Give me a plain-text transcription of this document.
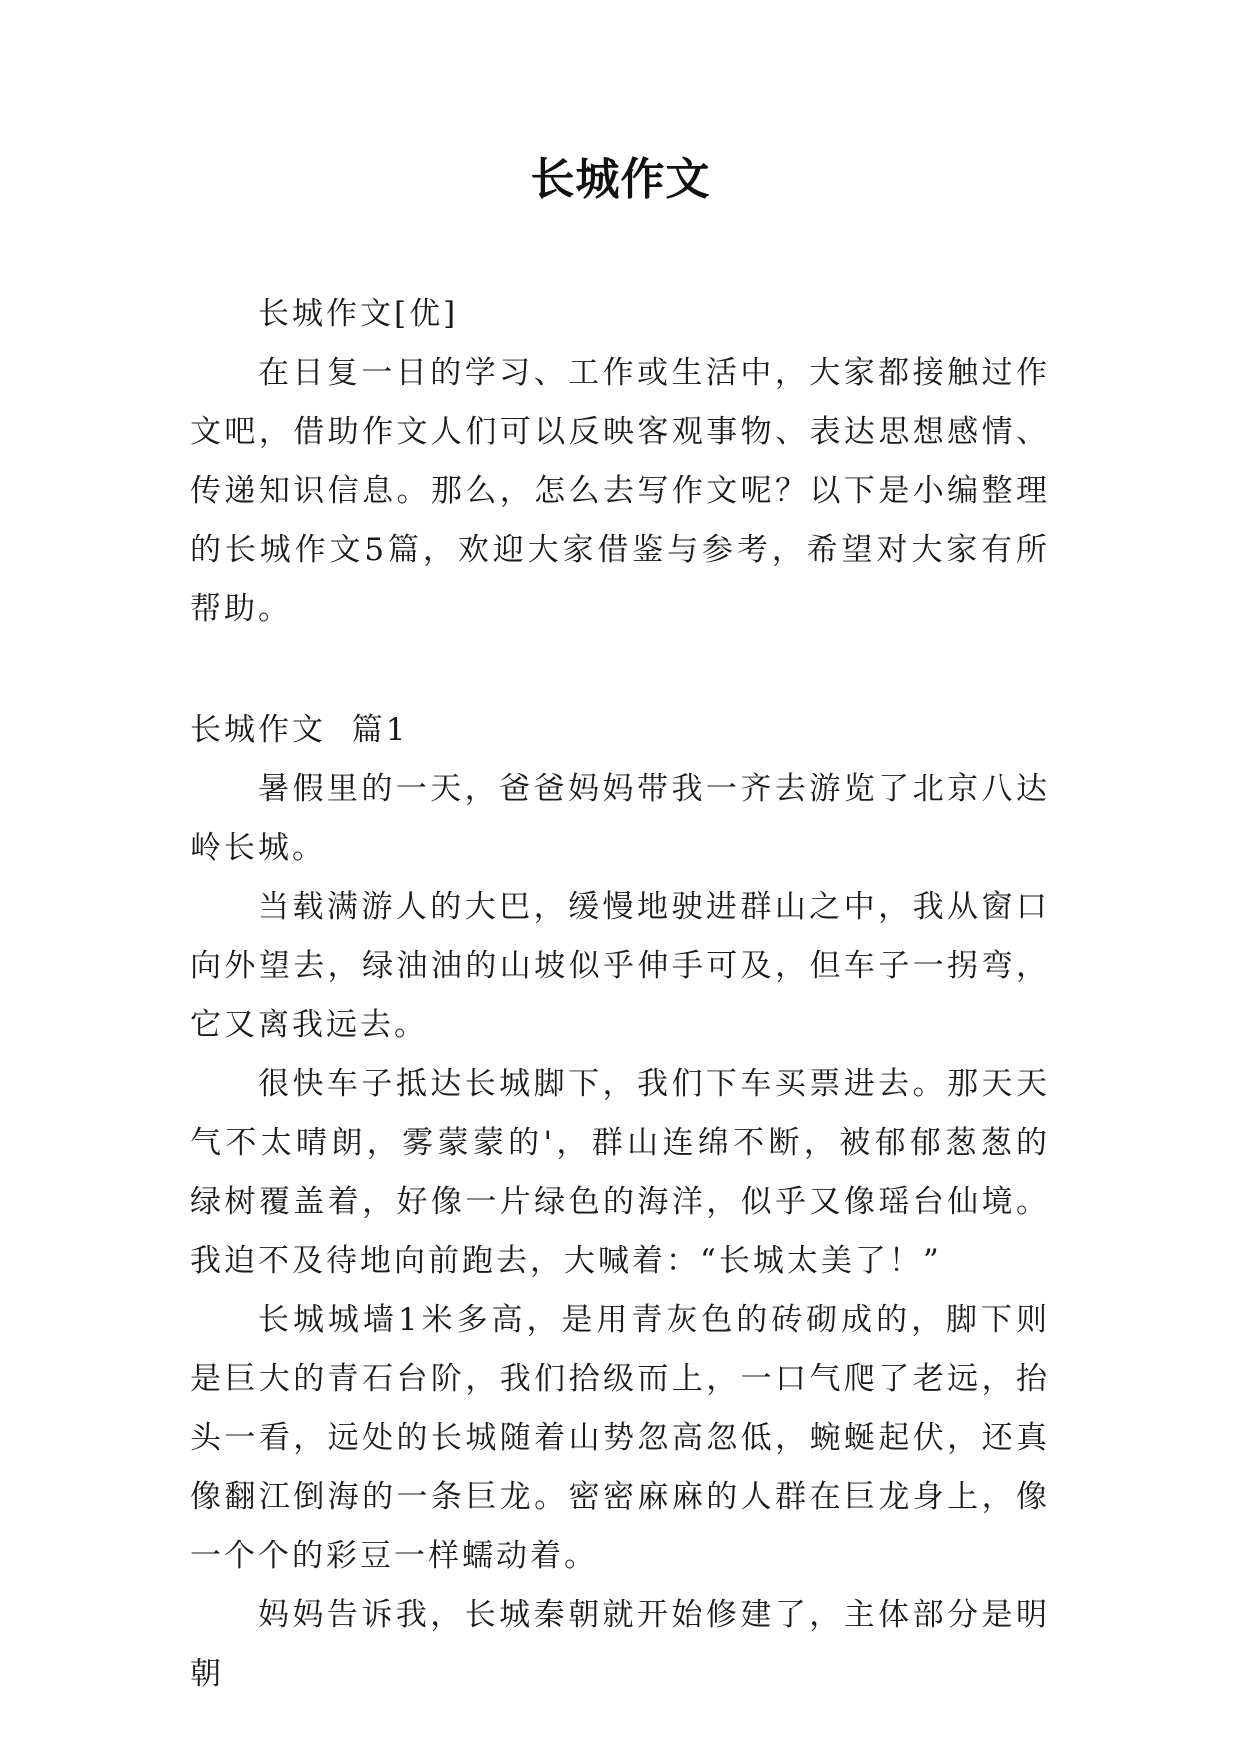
长城作文

长城作文[优]

在日复一日的学习、工作或生活中，大家都接触过作文吧，借助作文人们可以反映客观事物、表达思想感情、传递知识信息。那么，怎么去写作文呢？以下是小编整理的长城作文5篇，欢迎大家借鉴与参考，希望对大家有所帮助。

长城作文  篇1

暑假里的一天，爸爸妈妈带我一齐去游览了北京八达岭长城。

当载满游人的大巴，缓慢地驶进群山之中，我从窗口向外望去，绿油油的山坡似乎伸手可及，但车子一拐弯，它又离我远去。

很快车子抵达长城脚下，我们下车买票进去。那天天气不太晴朗，雾蒙蒙的'，群山连绵不断，被郁郁葱葱的绿树覆盖着，好像一片绿色的海洋，似乎又像瑶台仙境。我迫不及待地向前跑去，大喊着：“长城太美了！”

长城城墙1米多高，是用青灰色的砖砌成的，脚下则是巨大的青石台阶，我们拾级而上，一口气爬了老远，抬头一看，远处的长城随着山势忽高忽低，蜿蜒起伏，还真像翻江倒海的一条巨龙。密密麻麻的人群在巨龙身上，像一个个的彩豆一样蠕动着。

妈妈告诉我，长城秦朝就开始修建了，主体部分是明朝
